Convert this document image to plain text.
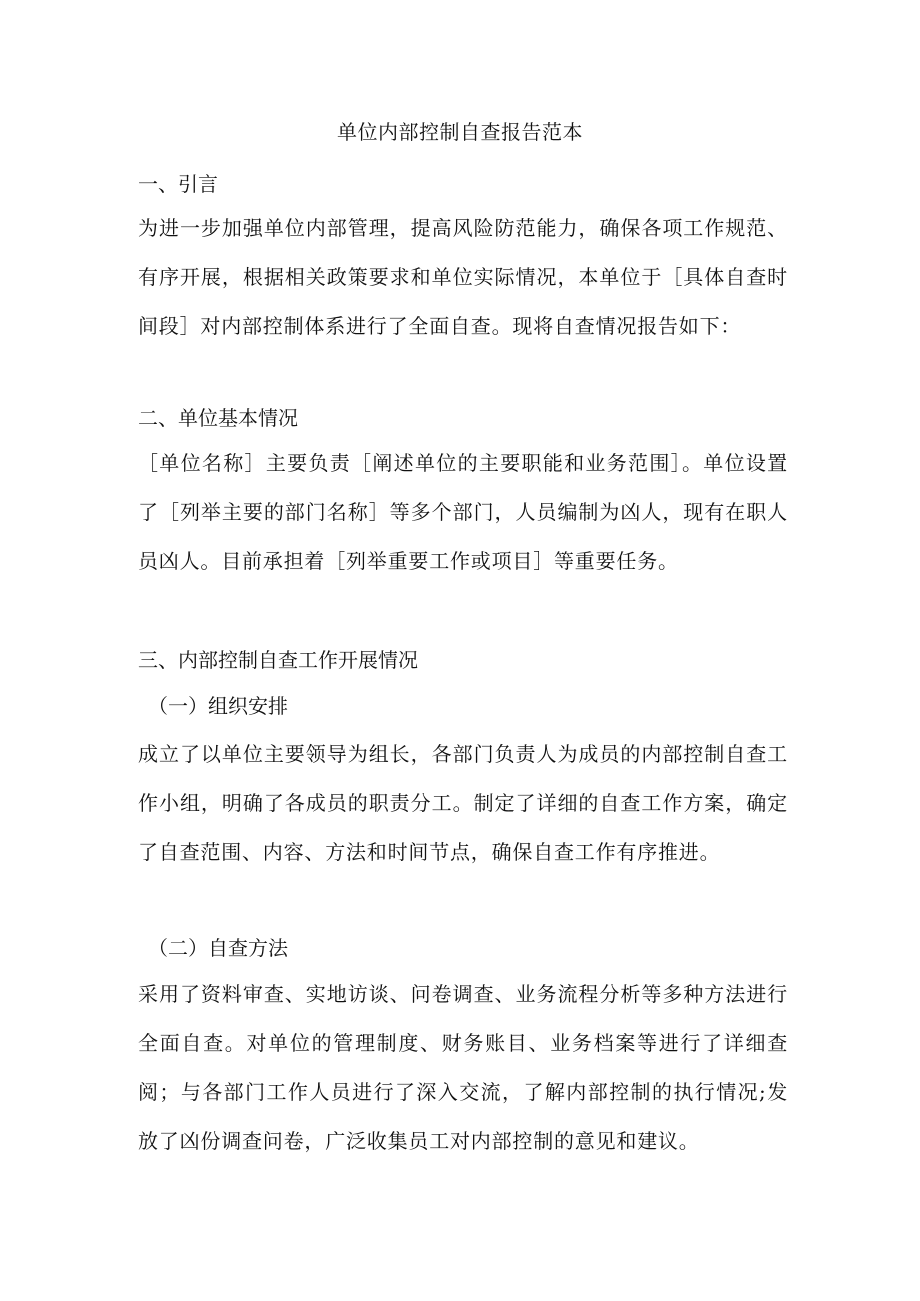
单位内部控制自查报告范本
一、引言

为进一步加强单位内部管理，提高风险防范能力，确保各项工作规范、有序开展，根据相关政策要求和单位实际情况，本单位于［具体自查时间段］对内部控制体系进行了全面自查。现将自查情况报告如下：

二、单位基本情况

［单位名称］主要负责［阐述单位的主要职能和业务范围］。单位设置了［列举主要的部门名称］等多个部门，人员编制为凶人，现有在职人员凶人。目前承担着［列举重要工作或项目］等重要任务。

三、内部控制自查工作开展情况
（一）组织安排

成立了以单位主要领导为组长，各部门负责人为成员的内部控制自查工作小组，明确了各成员的职责分工。制定了详细的自查工作方案，确定了自查范围、内容、方法和时间节点，确保自查工作有序推进。

（二）自查方法

采用了资料审查、实地访谈、问卷调查、业务流程分析等多种方法进行全面自查。对单位的管理制度、财务账目、业务档案等进行了详细查阅；与各部门工作人员进行了深入交流，了解内部控制的执行情况;发放了凶份调查问卷，广泛收集员工对内部控制的意见和建议。
